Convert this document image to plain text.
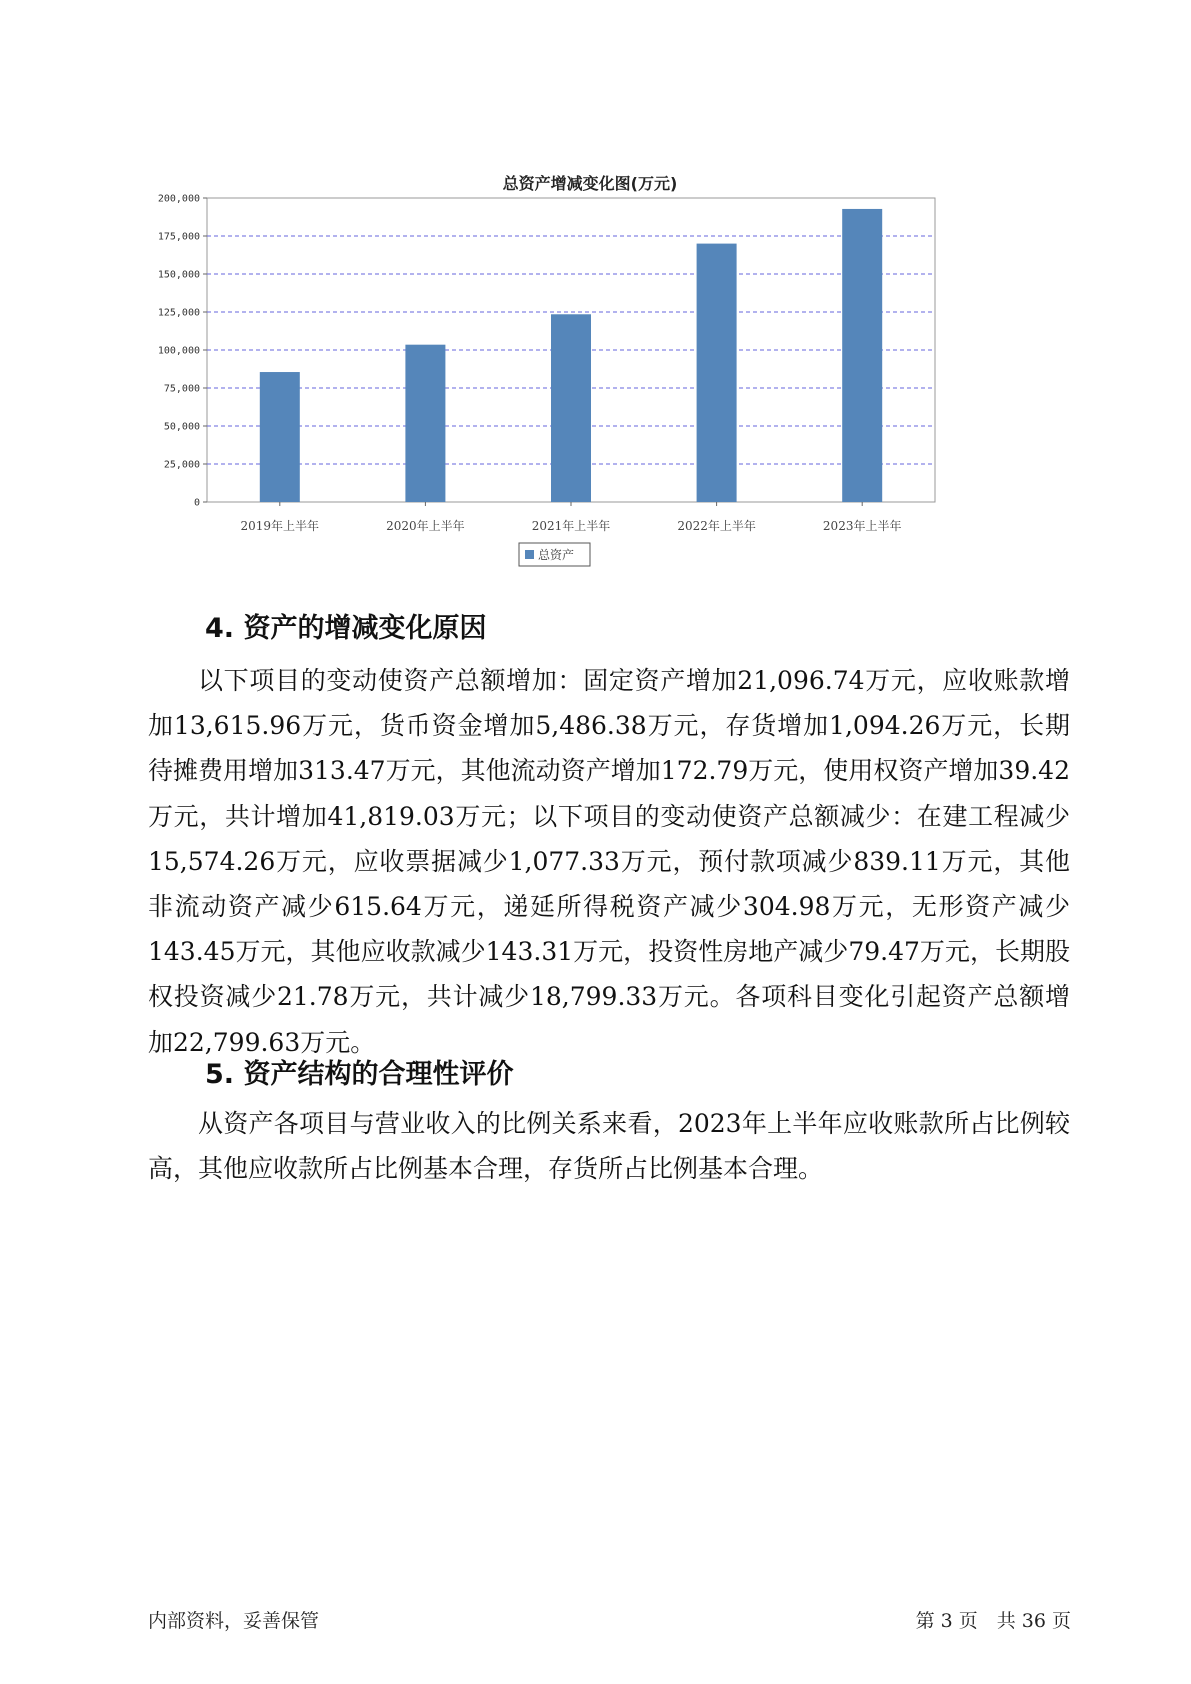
0
25,000
50,000
75,000
100,000
125,000
150,000
175,000
200,000
2019年上半年	2020年上半年	2021年上半年	2022年上半年	2023年上半年
总资产
总资产增减变化图(万元)
4. 资产的增减变化原因

以下项目的变动使资产总额增加：固定资产增加21,096.74万元，应收账款增加13,615.96万元，货币资金增加5,486.38万元，存货增加1,094.26万元，长期待摊费用增加313.47万元，其他流动资产增加172.79万元，使用权资产增加39.42万元，共计增加41,819.03万元；以下项目的变动使资产总额减少：在建工程减少15,574.26万元，应收票据减少1,077.33万元，预付款项减少839.11万元，其他非流动资产减少615.64万元，递延所得税资产减少304.98万元，无形资产减少143.45万元，其他应收款减少143.31万元，投资性房地产减少79.47万元，长期股权投资减少21.78万元，共计减少18,799.33万元。各项科目变化引起资产总额增加22,799.63万元。

5. 资产结构的合理性评价

从资产各项目与营业收入的比例关系来看，2023年上半年应收账款所占比例较高，其他应收款所占比例基本合理，存货所占比例基本合理。

内部资料，妥善保管	第 3 页　共 36 页
